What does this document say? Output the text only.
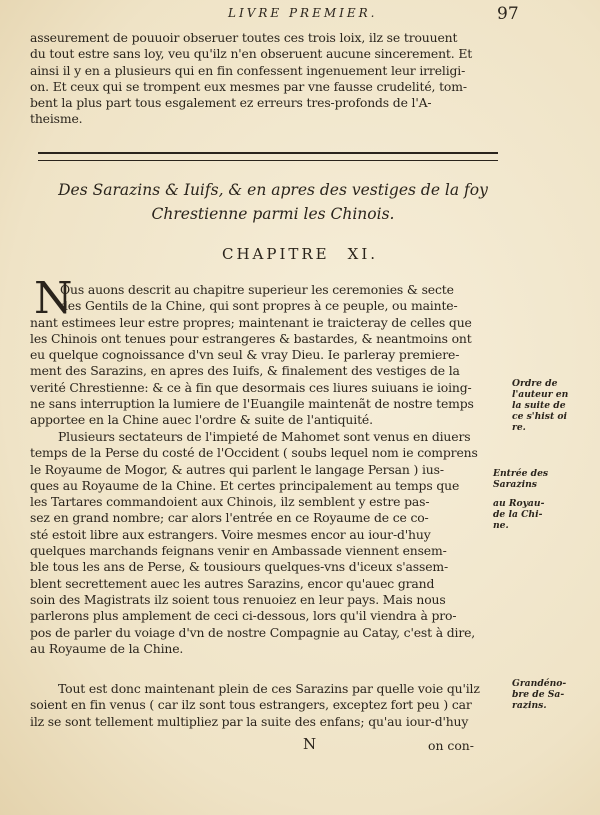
LIVRE PREMIER.	97
asseurement de pouuoir obseruer toutes ces trois loix, ilz se trouuent
du tout estre sans loy, veu qu'ilz n'en obseruent aucune sincerement. Et
ainsi il y en a plusieurs qui en fin confessent ingenuement leur irreligi-
on. Et ceux qui se trompent eux mesmes par vne fausse crudelité, tom-
bent la plus part tous esgalement ez erreurs tres-profonds de l'A-
theisme.
Des Sarazins & Iuifs, & en apres des vestiges de la foy
Chrestienne parmi les Chinois.
CHAPITRE XI.
N
Ous auons descrit au chapitre superieur les ceremonies & secte
des Gentils de la Chine, qui sont propres à ce peuple, ou mainte-
nant estimees leur estre propres; maintenant ie traicteray de celles que
les Chinois ont tenues pour estrangeres & bastardes, & neantmoins ont
eu quelque cognoissance d'vn seul & vray Dieu. Ie parleray premiere-
ment des Sarazins, en apres des Iuifs, & finalement des vestiges de la
verité Chrestienne: & ce à fin que desormais ces liures suiuans ie ioing-
ne sans interruption la lumiere de l'Euangile maintenãt de nostre temps
apportee en la Chine auec l'ordre & suite de l'antiquité.
Plusieurs sectateurs de l'impieté de Mahomet sont venus en diuers
temps de la Perse du costé de l'Occident ( soubs lequel nom ie comprens
le Royaume de Mogor, & autres qui parlent le langage Persan ) ius-
ques au Royaume de la Chine. Et certes principalement au temps que
les Tartares commandoient aux Chinois, ilz semblent y estre pas-
sez en grand nombre; car alors l'entrée en ce Royaume de ce co-
sté estoit libre aux estrangers. Voire mesmes encor au iour-d'huy
quelques marchands feignans venir en Ambassade viennent ensem-
ble tous les ans de Perse, & tousiours quelques-vns d'iceux s'assem-
blent secrettement auec les autres Sarazins, encor qu'auec grand
soin des Magistrats ilz soient tous renuoiez en leur pays. Mais nous
parlerons plus amplement de ceci ci-dessous, lors qu'il viendra à pro-
pos de parler du voiage d'vn de nostre Compagnie au Catay, c'est à dire,
au Royaume de la Chine.
Tout est donc maintenant plein de ces Sarazins par quelle voie qu'ilz
soient en fin venus ( car ilz sont tous estrangers, exceptez fort peu ) car
ilz se sont tellement multipliez par la suite des enfans; qu'au iour-d'huy
Ordre de
l'auteur en
la suite de
ce s'hist oi
re.
Entrée des
Sarazins
au Royau-
de la Chi-
ne.
Grandéno-
bre de Sa-
razins.
N	on con-
